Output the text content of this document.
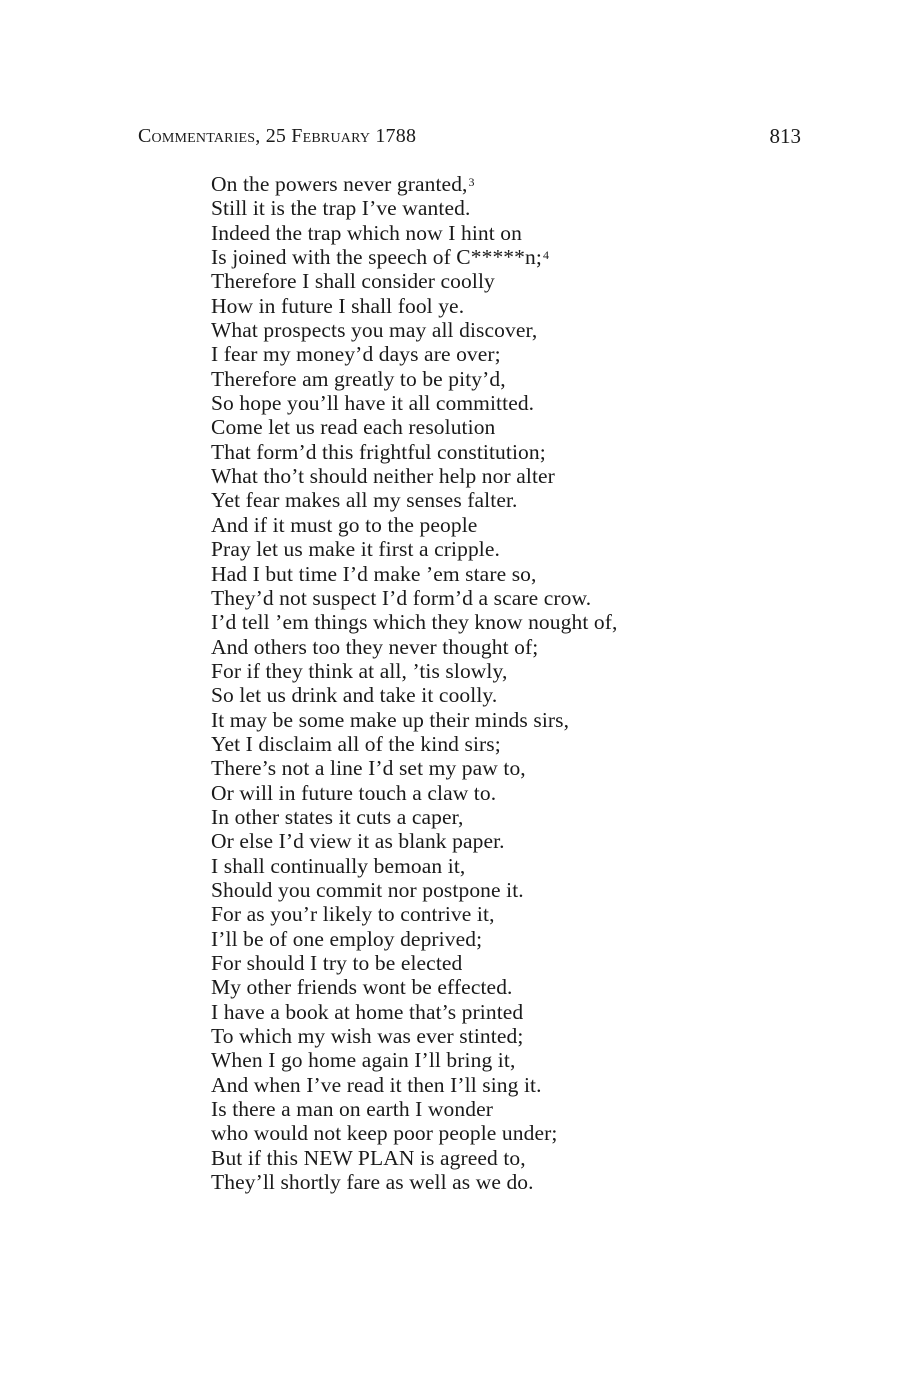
Commentaries, 25 February 1788	813
On the powers never granted,$^3$
Still it is the trap I’ve wanted.
Indeed the trap which now I hint on
Is joined with the speech of C*****n;$^4$
Therefore I shall consider coolly
How in future I shall fool ye.
What prospects you may all discover,
I fear my money’d days are over;
Therefore am greatly to be pity’d,
So hope you’ll have it all committed.
Come let us read each resolution
That form’d this frightful constitution;
What tho’t should neither help nor alter
Yet fear makes all my senses falter.
And if it must go to the people
Pray let us make it first a cripple.
Had I but time I’d make ’em stare so,
They’d not suspect I’d form’d a scare crow.
I’d tell ’em things which they know nought of,
And others too they never thought of;
For if they think at all, ’tis slowly,
So let us drink and take it coolly.
It may be some make up their minds sirs,
Yet I disclaim all of the kind sirs;
There’s not a line I’d set my paw to,
Or will in future touch a claw to.
In other states it cuts a caper,
Or else I’d view it as blank paper.
I shall continually bemoan it,
Should you commit nor postpone it.
For as you’r likely to contrive it,
I’ll be of one employ deprived;
For should I try to be elected
My other friends wont be effected.
I have a book at home that’s printed
To which my wish was ever stinted;
When I go home again I’ll bring it,
And when I’ve read it then I’ll sing it.
Is there a man on earth I wonder
who would not keep poor people under;
But if this NEW PLAN is agreed to,
They’ll shortly fare as well as we do.
